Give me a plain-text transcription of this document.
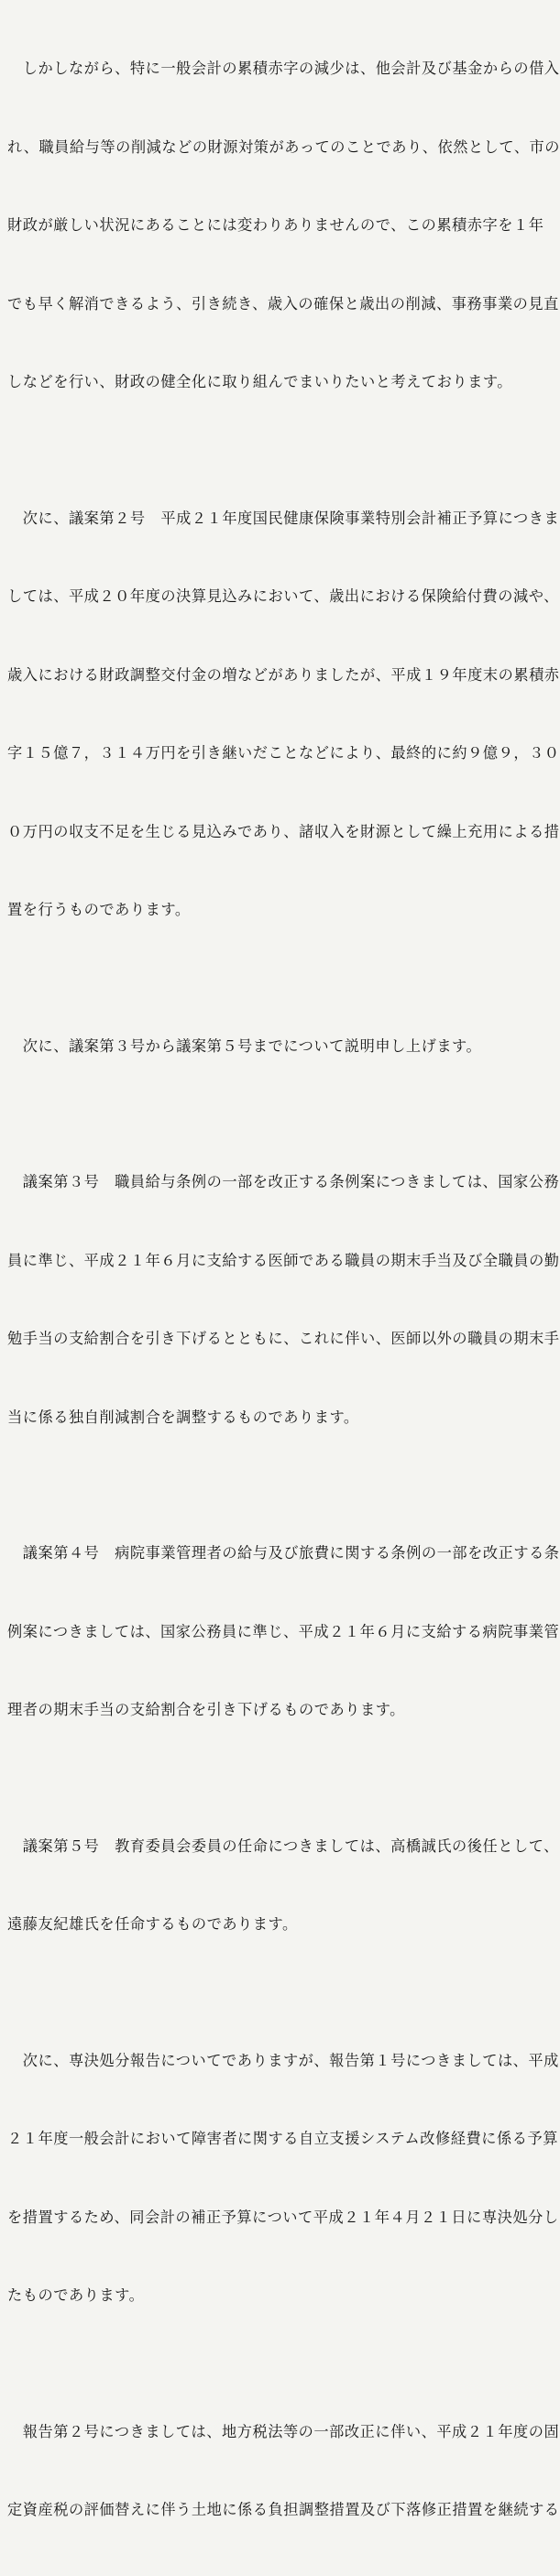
　しかしながら、特に一般会計の累積赤字の減少は、他会計及び基金からの借入

れ、職員給与等の削減などの財源対策があってのことであり、依然として、市の

財政が厳しい状況にあることには変わりありませんので、この累積赤字を１年

でも早く解消できるよう、引き続き、歳入の確保と歳出の削減、事務事業の見直

しなどを行い、財政の健全化に取り組んでまいりたいと考えております。

　次に、議案第２号　平成２１年度国民健康保険事業特別会計補正予算につきま

しては、平成２０年度の決算見込みにおいて、歳出における保険給付費の減や、

歳入における財政調整交付金の増などがありましたが、平成１９年度末の累積赤

字１５億７，３１４万円を引き継いだことなどにより、最終的に約９億９，３０

０万円の収支不足を生じる見込みであり、諸収入を財源として繰上充用による措

置を行うものであります。

　次に、議案第３号から議案第５号までについて説明申し上げます。

　議案第３号　職員給与条例の一部を改正する条例案につきましては、国家公務

員に準じ、平成２１年６月に支給する医師である職員の期末手当及び全職員の勤

勉手当の支給割合を引き下げるとともに、これに伴い、医師以外の職員の期末手

当に係る独自削減割合を調整するものであります。

　議案第４号　病院事業管理者の給与及び旅費に関する条例の一部を改正する条

例案につきましては、国家公務員に準じ、平成２１年６月に支給する病院事業管

理者の期末手当の支給割合を引き下げるものであります。

　議案第５号　教育委員会委員の任命につきましては、高橋誠氏の後任として、

遠藤友紀雄氏を任命するものであります。

　次に、専決処分報告についてでありますが、報告第１号につきましては、平成

２１年度一般会計において障害者に関する自立支援システム改修経費に係る予算

を措置するため、同会計の補正予算について平成２１年４月２１日に専決処分し

たものであります。

　報告第２号につきましては、地方税法等の一部改正に伴い、平成２１年度の固

定資産税の評価替えに伴う土地に係る負担調整措置及び下落修正措置を継続する
